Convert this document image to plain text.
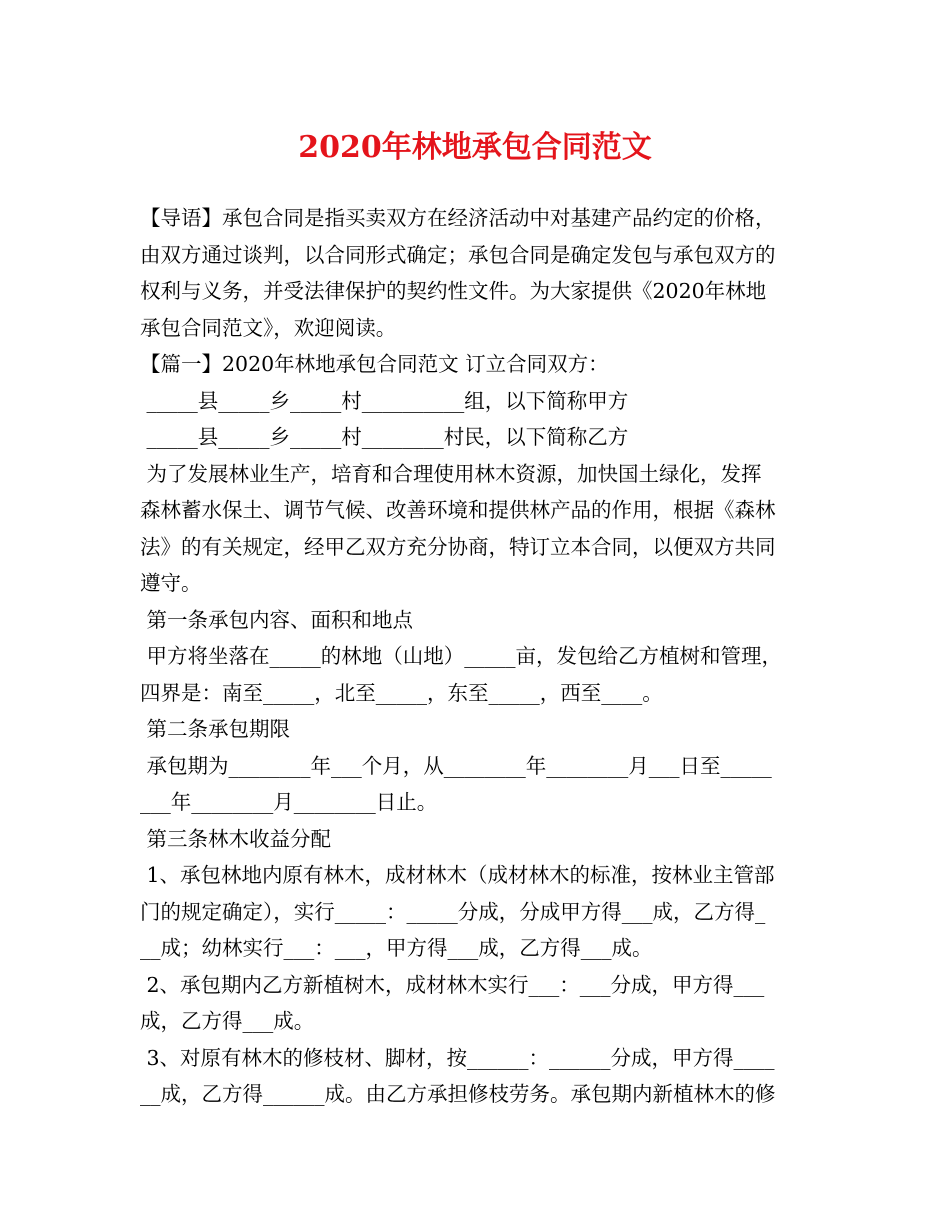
2020年林地承包合同范文
【导语】承包合同是指买卖双方在经济活动中对基建产品约定的价格，
由双方通过谈判，以合同形式确定；承包合同是确定发包与承包双方的
权利与义务，并受法律保护的契约性文件。为大家提供《2020年林地
承包合同范文》，欢迎阅读。
【篇一】2020年林地承包合同范文 订立合同双方：
_____县_____乡_____村__________组，以下简称甲方
_____县_____乡_____村________村民，以下简称乙方
为了发展林业生产，培育和合理使用林木资源，加快国土绿化，发挥
森林蓄水保土、调节气候、改善环境和提供林产品的作用，根据《森林
法》的有关规定，经甲乙双方充分协商，特订立本合同，以便双方共同
遵守。
第一条承包内容、面积和地点
甲方将坐落在_____的林地（山地）_____亩，发包给乙方植树和管理，
四界是：南至_____，北至_____，东至_____，西至____。
第二条承包期限
承包期为________年___个月，从________年________月___日至_____
___年________月________日止。
第三条林木收益分配
1、承包林地内原有林木，成材林木（成材林木的标准，按林业主管部
门的规定确定），实行_____：_____分成，分成甲方得___成，乙方得_
__成；幼林实行___：___，甲方得___成，乙方得___成。
2、承包期内乙方新植树木，成材林木实行___：___分成，甲方得___
成，乙方得___成。
3、对原有林木的修枝材、脚材，按______：______分成，甲方得____
__成，乙方得______成。由乙方承担修枝劳务。承包期内新植林木的修
